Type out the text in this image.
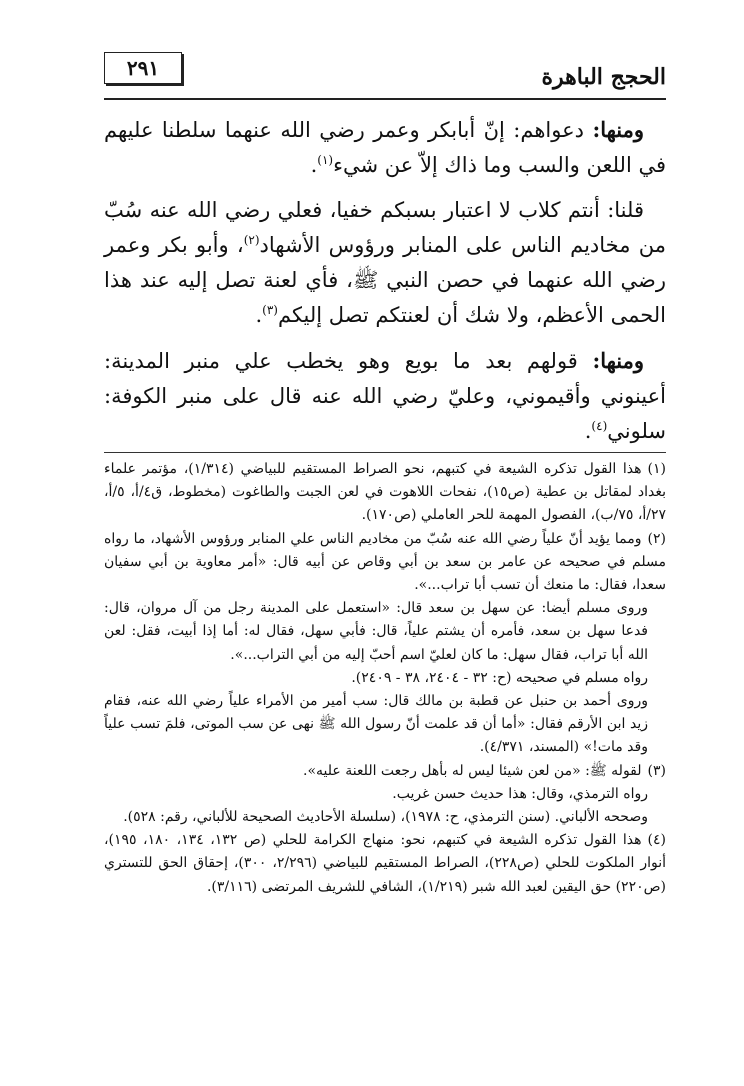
٢٩١	الحجج الباهرة

ومنها: دعواهم: إنّ أبابكر وعمر رضي الله عنهما سلطنا عليهم في اللعن والسب وما ذاك إلاّ عن شيء$^{(١)}$.

قلنا: أنتم كلاب لا اعتبار بسبكم خفيا، فعلي رضي الله عنه سُبّ من مخاديم الناس على المنابر ورؤوس الأشهاد$^{(٢)}$، وأبو بكر وعمر رضي الله عنهما في حصن النبي ﷺ، فأي لعنة تصل إليه عند هذا الحمى الأعظم، ولا شك أن لعنتكم تصل إليكم$^{(٣)}$.

ومنها: قولهم بعد ما بويع وهو يخطب علي منبر المدينة: أعينوني وأقيموني، وعليّ رضي الله عنه قال على منبر الكوفة: سلوني$^{(٤)}$.

(١)هذا القول تذكره الشيعة في كتبهم، نحو الصراط المستقيم للبياضي (١/٣١٤)، مؤتمر علماء بغداد لمقاتل بن عطية (ص١٥)، نفحات اللاهوت في لعن الجبت والطاغوت (مخطوط، ق٤/أ، ٥/أ، ٢٧/أ، ٧٥/ب)، الفصول المهمة للحر العاملي (ص١٧٠).

(٢)ومما يؤيد أنّ علياً رضي الله عنه سُبّ من مخاديم الناس علي المنابر ورؤوس الأشهاد، ما رواه مسلم في صحيحه عن عامر بن سعد بن أبي وقاص عن أبيه قال: «أمر معاوية بن أبي سفيان سعدا، فقال: ما منعك أن تسب أبا تراب...».

وروى مسلم أيضا: عن سهل بن سعد قال: «استعمل على المدينة رجل من آل مروان، قال: فدعا سهل بن سعد، فأمره أن يشتم علياً، قال: فأبي سهل، فقال له: أما إذا أبيت، فقل: لعن الله أبا تراب، فقال سهل: ما كان لعليّ اسم أحبّ إليه من أبي التراب...».

رواه مسلم في صحيحه (ح: ٣٢ - ٢٤٠٤، ٣٨ - ٢٤٠٩).

وروى أحمد بن حنبل عن قطبة بن مالك قال: سب أمير من الأمراء علياً رضي الله عنه، فقام زيد ابن الأرقم فقال: «أما أن قد علمت أنّ رسول الله ﷺ نهى عن سب الموتى، فلمَ تسب علياً وقد مات!» (المسند، ٤/٣٧١).

(٣)لقوله ﷺ: «من لعن شيئا ليس له بأهل رجعت اللعنة عليه».

رواه الترمذي، وقال: هذا حديث حسن غريب.

وصححه الألباني. (سنن الترمذي، ح: ١٩٧٨)، (سلسلة الأحاديث الصحيحة للألباني، رقم: ٥٢٨).

(٤)هذا القول تذكره الشيعة في كتبهم، نحو: منهاج الكرامة للحلي (ص ١٣٢، ١٣٤، ١٨٠، ١٩٥)، أنوار الملكوت للحلي (ص٢٢٨)، الصراط المستقيم للبياضي (٢/٢٩٦، ٣٠٠)، إحقاق الحق للتستري (ص٢٢٠) حق اليقين لعبد الله شبر (١/٢١٩)، الشافي للشريف المرتضى (٣/١١٦).
